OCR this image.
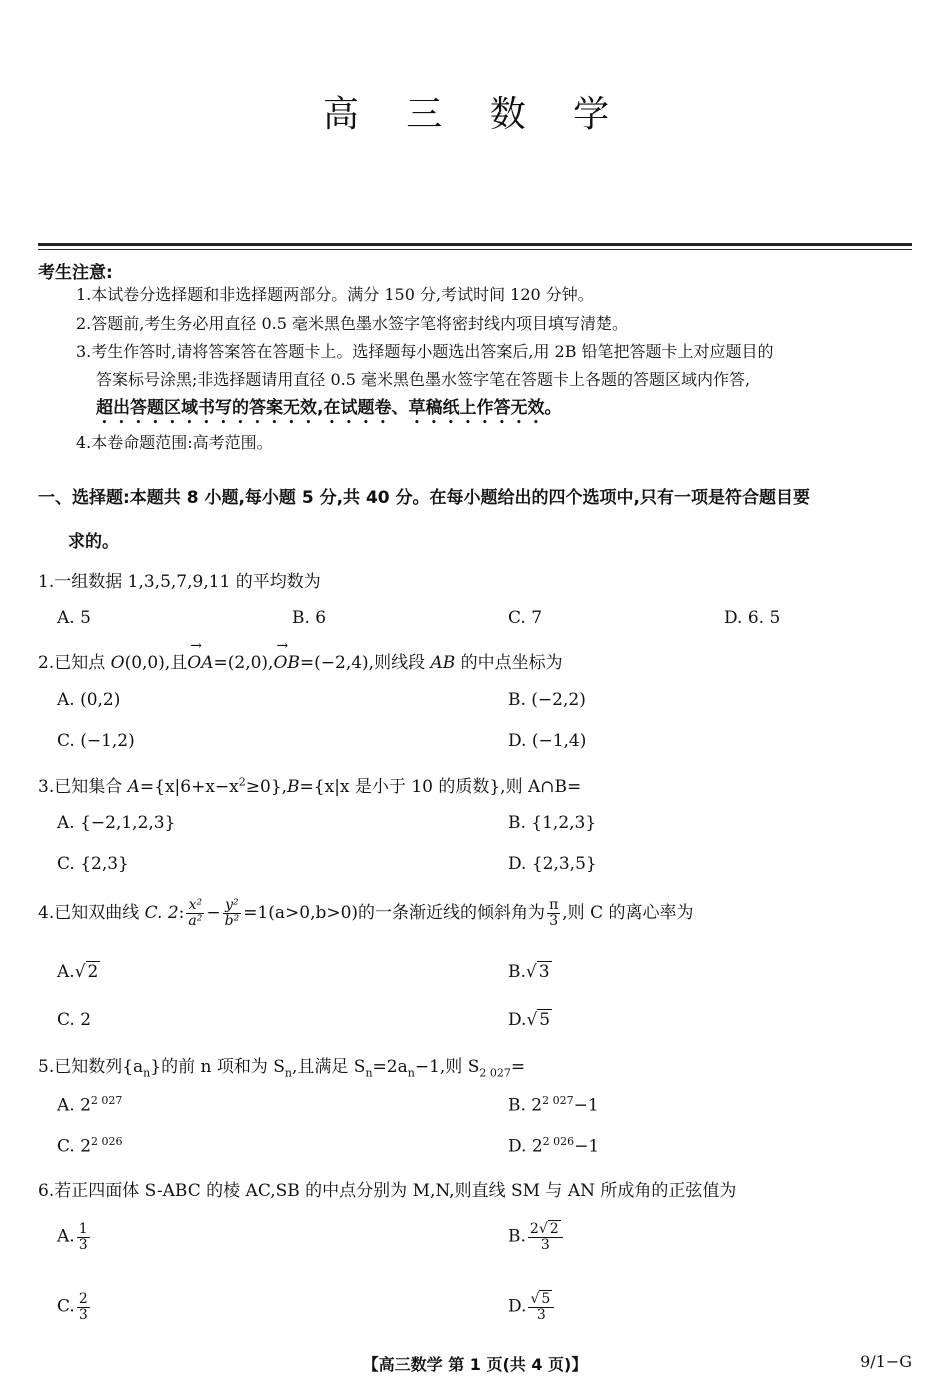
高 三 数 学
考生注意:
1.本试卷分选择题和非选择题两部分。满分 150 分,考试时间 120 分钟。
2.答题前,考生务必用直径 0.5 毫米黑色墨水签字笔将密封线内项目填写清楚。
3.考生作答时,请将答案答在答题卡上。选择题每小题选出答案后,用 2B 铅笔把答题卡上对应题目的
答案标号涂黑;非选择题请用直径 0.5 毫米黑色墨水签字笔在答题卡上各题的答题区域内作答,
超出答题区域书写的答案无效,在试题卷、草稿纸上作答无效。
4.本卷命题范围:高考范围。
一、选择题:本题共 8 小题,每小题 5 分,共 40 分。在每小题给出的四个选项中,只有一项是符合题目要
求的。
1.一组数据 1,3,5,7,9,11 的平均数为
A. 5	B. 6	C. 7	D. 6. 5
2.已知点 O(0,0),且→ OA=(2,0),→ OB=(−2,4),则线段 AB 的中点坐标为
A. (0,2)	B. (−2,2)
C. (−1,2)	D. (−1,4)
3.已知集合 $A=\{x|6+x-x^2\ge 0\},B=\{x|x$ 是小于 10 的质数},则 A∩B=
A. {−2,1,2,3}	B. {1,2,3}
C. {2,3}	D. {2,3,5}
4.已知双曲线 C. 2: $\frac{\text{x²}}{\text{a²}} - \frac{\text{y²}}{\text{b²}} =1(a>0,b>0)$的一条渐近线的倾斜角为 $\frac{\pi}{3}$ ,则 C 的离心率为
A.√ 2	B.√ 3
C. 2	D.√ 5
5.已知数列$\{a_n\}$的前 n 项和为 $S_n$,且满足 $S_n=2a_n-1$,则 $S_{2 027}=$
A. $2^{2 027}$	B. $2^{2 027}-1$
C. $2^{2 026}$	D. $2^{2 026}-1$
6.若正四面体 S-ABC 的棱 AC,SB 的中点分别为 M,N,则直线 SM 与 AN 所成角的正弦值为
A. $\frac{1}{3}$	B. $\frac{2√ 2}{3}$
C. $\frac{2}{3}$	D. $\frac{√ 5}{3}$
【高三数学 第 1 页(共 4 页)】	9/1−G
